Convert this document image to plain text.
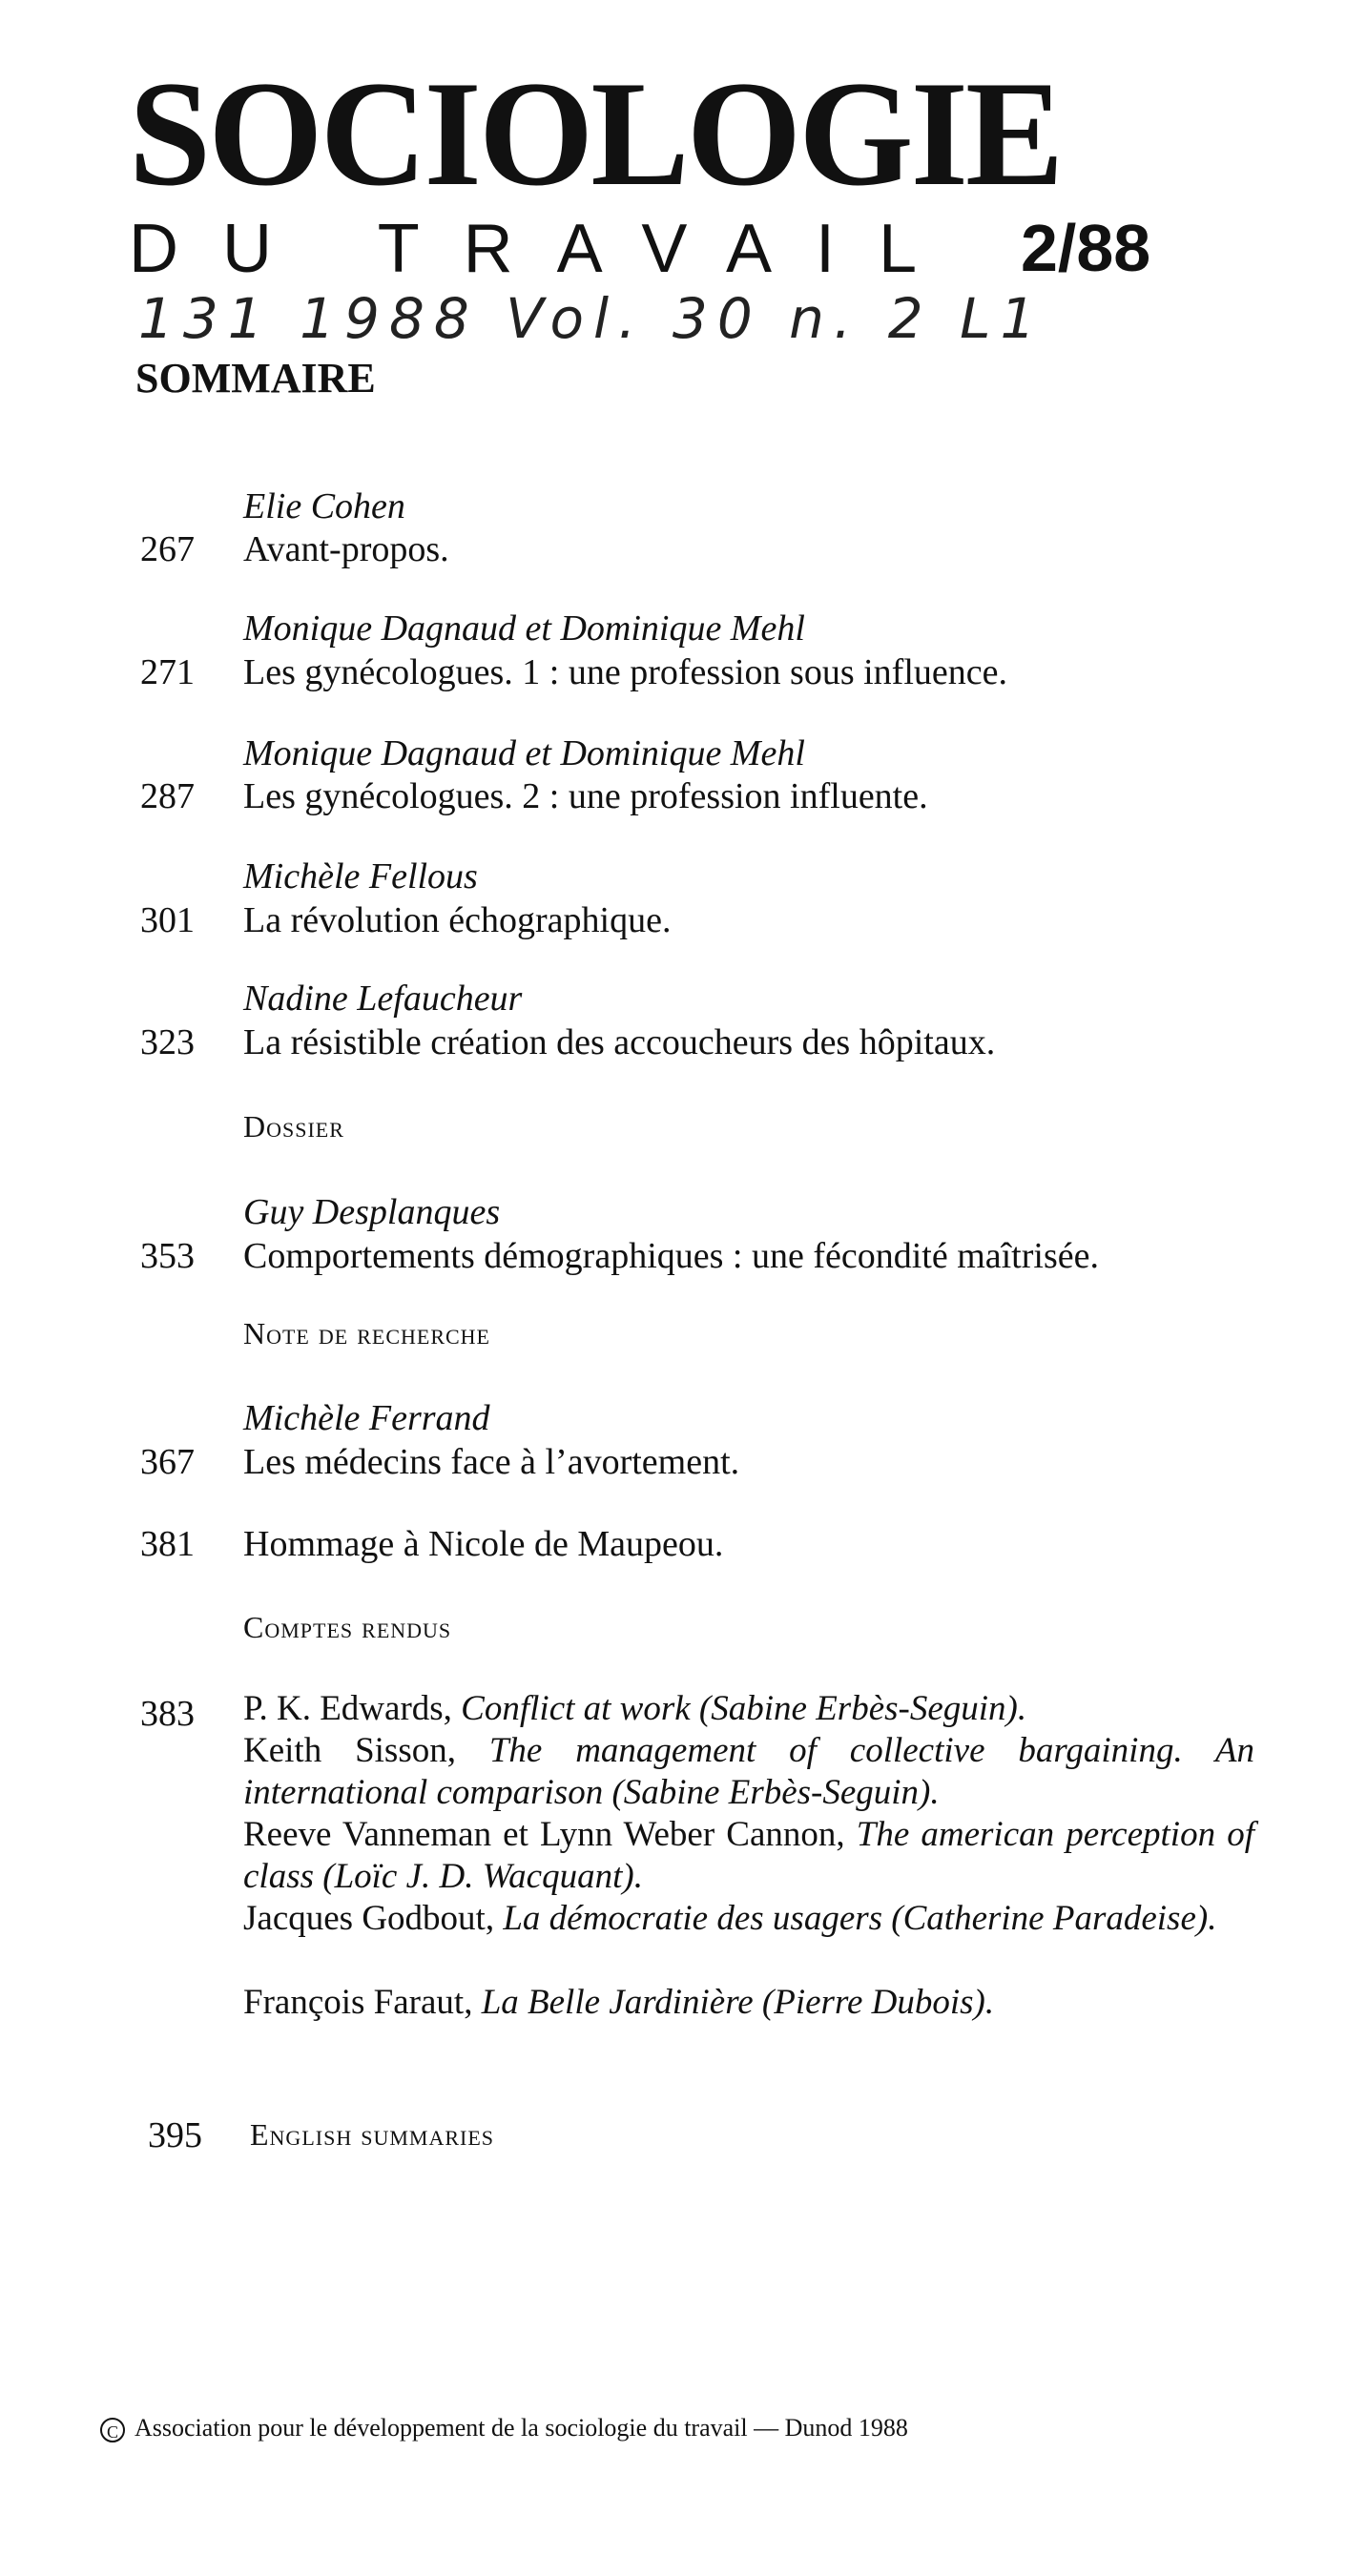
SOCIOLOGIE
DU TRAVAIL 2/88
131 1988 Vol. 30 n. 2 L1
SOMMAIRE
Elie Cohen
267 Avant-propos.
Monique Dagnaud et Dominique Mehl
271 Les gynécologues. 1 : une profession sous influence.
Monique Dagnaud et Dominique Mehl
287 Les gynécologues. 2 : une profession influente.
Michèle Fellous
301 La révolution échographique.
Nadine Lefaucheur
323 La résistible création des accoucheurs des hôpitaux.
Dossier
Guy Desplanques
353 Comportements démographiques : une fécondité maîtrisée.
Note de recherche
Michèle Ferrand
367 Les médecins face à l’avortement.
381 Hommage à Nicole de Maupeou.
Comptes rendus
383 P. K. Edwards, Conflict at work (Sabine Erbès-Seguin).
Keith Sisson, The management of collective bargaining. An international comparison (Sabine Erbès-Seguin).
Reeve Vanneman et Lynn Weber Cannon, The american perception of class (Loïc J. D. Wacquant).
Jacques Godbout, La démocratie des usagers (Catherine Paradeise).
François Faraut, La Belle Jardinière (Pierre Dubois).
395 English summaries
C Association pour le développement de la sociologie du travail — Dunod 1988
